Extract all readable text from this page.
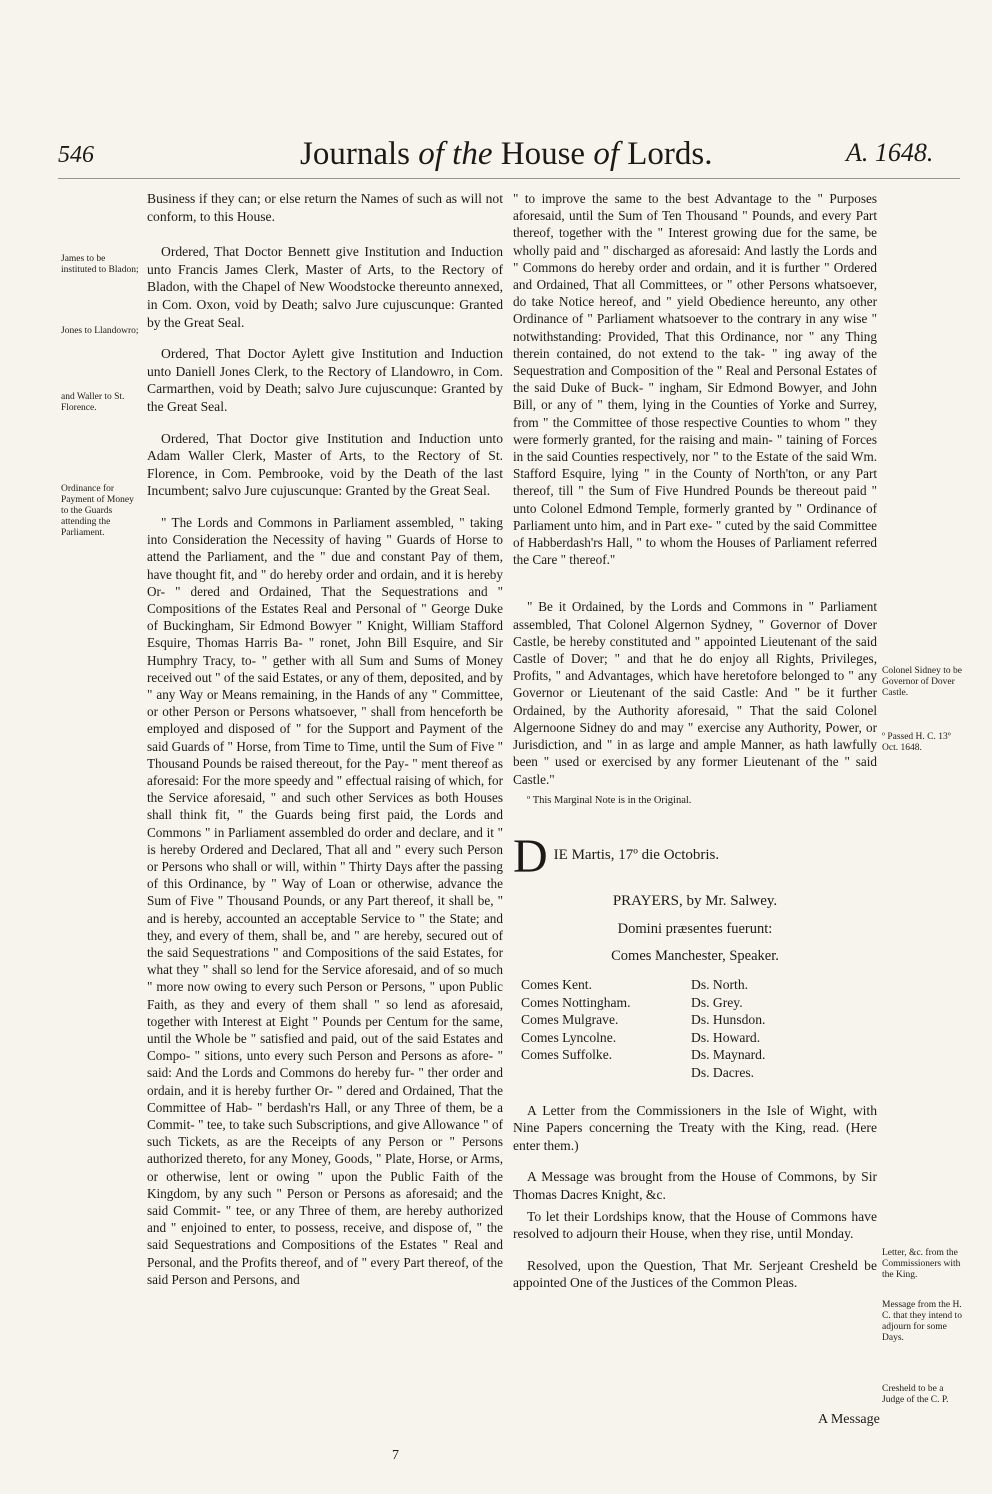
546	Journals of the House of Lords.	A. 1648.
James to be instituted to Bladon;
Jones to Llandowro;
and Waller to St. Florence.
Ordinance for Payment of Money to the Guards attending the Parliament.

Business if they can; or else return the Names of such as will not conform, to this House.

Ordered, That Doctor Bennett give Institution and Induction unto Francis James Clerk, Master of Arts, to the Rectory of Bladon, with the Chapel of New Woodstocke thereunto annexed, in Com. Oxon, void by Death; salvo Jure cujuscunque: Granted by the Great Seal.

Ordered, That Doctor Aylett give Institution and Induction unto Daniell Jones Clerk, to the Rectory of Llandowro, in Com. Carmarthen, void by Death; salvo Jure cujuscunque: Granted by the Great Seal.

Ordered, That Doctor give Institution and Induction unto Adam Waller Clerk, Master of Arts, to the Rectory of St. Florence, in Com. Pembrooke, void by the Death of the last Incumbent; salvo Jure cujuscunque: Granted by the Great Seal.

" The Lords and Commons in Parliament assembled, " taking into Consideration the Necessity of having " Guards of Horse to attend the Parliament, and the " due and constant Pay of them, have thought fit, and " do hereby order and ordain, and it is hereby Or- " dered and Ordained, That the Sequestrations and " Compositions of the Estates Real and Personal of " George Duke of Buckingham, Sir Edmond Bowyer " Knight, William Stafford Esquire, Thomas Harris Ba- " ronet, John Bill Esquire, and Sir Humphry Tracy, to- " gether with all Sum and Sums of Money received out " of the said Estates, or any of them, deposited, and by " any Way or Means remaining, in the Hands of any " Committee, or other Person or Persons whatsoever, " shall from henceforth be employed and disposed of " for the Support and Payment of the said Guards of " Horse, from Time to Time, until the Sum of Five " Thousand Pounds be raised thereout, for the Pay- " ment thereof as aforesaid: For the more speedy and " effectual raising of which, for the Service aforesaid, " and such other Services as both Houses shall think fit, " the Guards being first paid, the Lords and Commons " in Parliament assembled do order and declare, and it " is hereby Ordered and Declared, That all and " every such Person or Persons who shall or will, within " Thirty Days after the passing of this Ordinance, by " Way of Loan or otherwise, advance the Sum of Five " Thousand Pounds, or any Part thereof, it shall be, " and is hereby, accounted an acceptable Service to " the State; and they, and every of them, shall be, and " are hereby, secured out of the said Sequestrations " and Compositions of the said Estates, for what they " shall so lend for the Service aforesaid, and of so much " more now owing to every such Person or Persons, " upon Public Faith, as they and every of them shall " so lend as aforesaid, together with Interest at Eight " Pounds per Centum for the same, until the Whole be " satisfied and paid, out of the said Estates and Compo- " sitions, unto every such Person and Persons as afore- " said: And the Lords and Commons do hereby fur- " ther order and ordain, and it is hereby further Or- " dered and Ordained, That the Committee of Hab- " berdash'rs Hall, or any Three of them, be a Commit- " tee, to take such Subscriptions, and give Allowance " of such Tickets, as are the Receipts of any Person or " Persons authorized thereto, for any Money, Goods, " Plate, Horse, or Arms, or otherwise, lent or owing " upon the Public Faith of the Kingdom, by any such " Person or Persons as aforesaid; and the said Commit- " tee, or any Three of them, are hereby authorized and " enjoined to enter, to possess, receive, and dispose of, " the said Sequestrations and Compositions of the Estates " Real and Personal, and the Profits thereof, and of " every Part thereof, of the said Person and Persons, and

" to improve the same to the best Advantage to the " Purposes aforesaid, until the Sum of Ten Thousand " Pounds, and every Part thereof, together with the " Interest growing due for the same, be wholly paid and " discharged as aforesaid: And lastly the Lords and " Commons do hereby order and ordain, and it is further " Ordered and Ordained, That all Committees, or " other Persons whatsoever, do take Notice hereof, and " yield Obedience hereunto, any other Ordinance of " Parliament whatsoever to the contrary in any wise " notwithstanding: Provided, That this Ordinance, nor " any Thing therein contained, do not extend to the tak- " ing away of the Sequestration and Composition of the " Real and Personal Estates of the said Duke of Buck- " ingham, Sir Edmond Bowyer, and John Bill, or any of " them, lying in the Counties of Yorke and Surrey, from " the Committee of those respective Counties to whom " they were formerly granted, for the raising and main- " taining of Forces in the said Counties respectively, nor " to the Estate of the said Wm. Stafford Esquire, lying " in the County of North'ton, or any Part thereof, till " the Sum of Five Hundred Pounds be thereout paid " unto Colonel Edmond Temple, formerly granted by " Ordinance of Parliament unto him, and in Part exe- " cuted by the said Committee of Habberdash'rs Hall, " to whom the Houses of Parliament referred the Care " thereof."

" Be it Ordained, by the Lords and Commons in " Parliament assembled, That Colonel Algernon Sydney, " Governor of Dover Castle, be hereby constituted and " appointed Lieutenant of the said Castle of Dover; " and that he do enjoy all Rights, Privileges, Profits, " and Advantages, which have heretofore belonged to " any Governor or Lieutenant of the said Castle: And " be it further Ordained, by the Authority aforesaid, " That the said Colonel Algernoone Sidney do and may " exercise any Authority, Power, or Jurisdiction, and " in as large and ample Manner, as hath lawfully been " used or exercised by any former Lieutenant of the " said Castle."

º This Marginal Note is in the Original.
D IE Martis, 17º die Octobris.
PRAYERS, by Mr. Salwey.
Domini præsentes fuerunt:
Comes Manchester, Speaker.
Comes Kent.
Comes Nottingham.
Comes Mulgrave.
Comes Lyncolne.
Comes Suffolke.
Ds. North.
Ds. Grey.
Ds. Hunsdon.
Ds. Howard.
Ds. Maynard.
Ds. Dacres.

A Letter from the Commissioners in the Isle of Wight, with Nine Papers concerning the Treaty with the King, read. (Here enter them.)

A Message was brought from the House of Commons, by Sir Thomas Dacres Knight, &c.

To let their Lordships know, that the House of Commons have resolved to adjourn their House, when they rise, until Monday.

Resolved, upon the Question, That Mr. Serjeant Cresheld be appointed One of the Justices of the Common Pleas.

Colonel Sidney to be Governor of Dover Castle.
º Passed H. C. 13º Oct. 1648.
Letter, &c. from the Commissioners with the King.
Message from the H. C. that they intend to adjourn for some Days.
Cresheld to be a Judge of the C. P.
7
A Message
